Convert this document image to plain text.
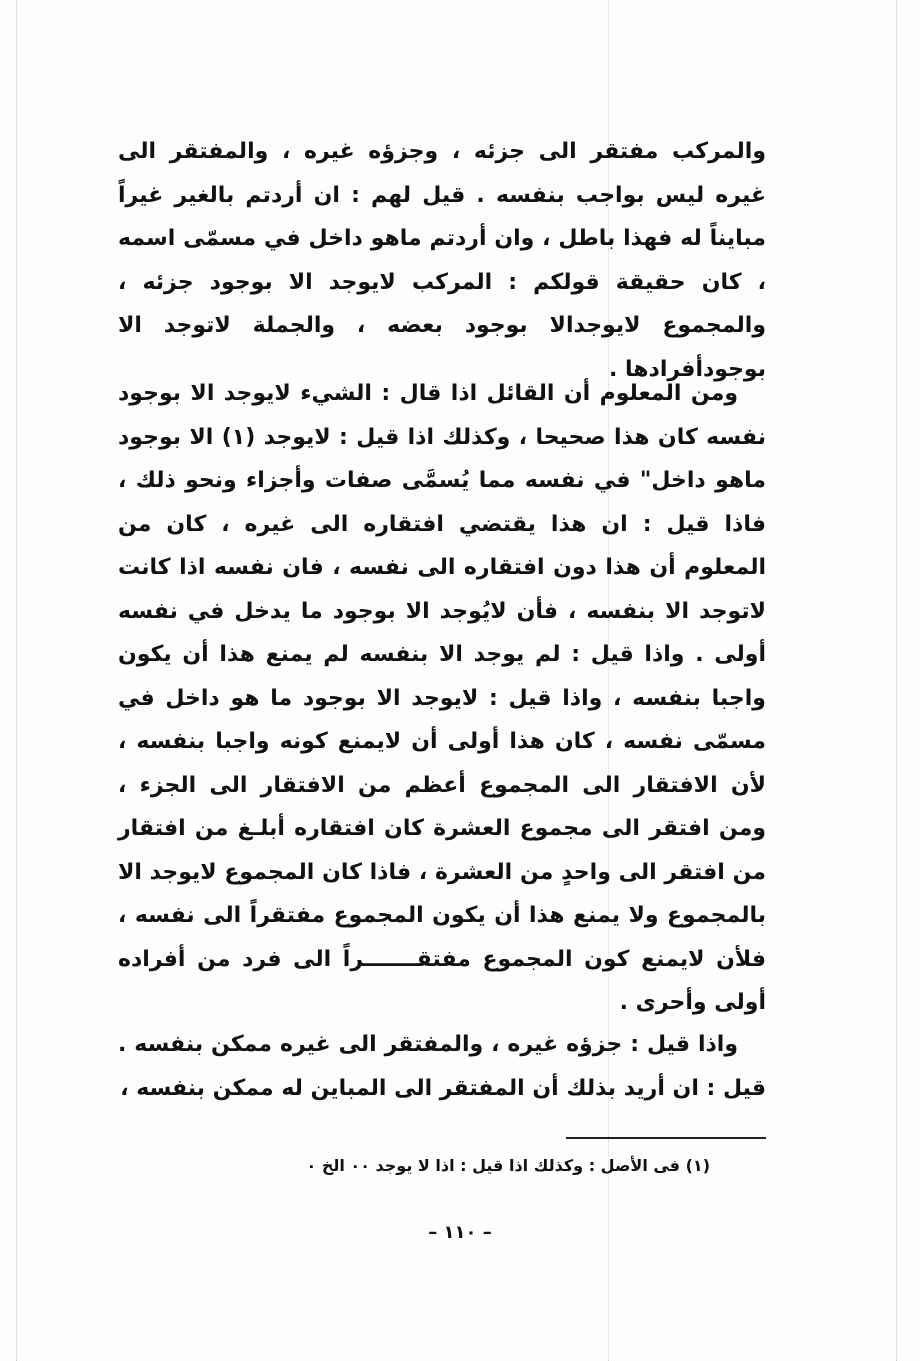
والمركب مفتقر الى جزئه ، وجزؤه غيره ، والمفتقر الى غيره ليس بواجب بنفسه . قيل لهم : ان أردتم بالغير غيراً مبايناً له فهذا باطل ، وان أردتم ماهو داخل في مسمّى اسمه ، كان حقيقة قولكم : المركب لايوجد الا بوجود جزئه ، والمجموع لايوجدالا بوجود بعضه ، والجملة لاتوجد الا بوجودأفرادها .

ومن المعلوم أن القائل اذا قال : الشيء لايوجد الا بوجود نفسه كان هذا صحيحا ، وكذلك اذا قيل : لايوجد (١) الا بوجود ماهو داخل" في نفسه مما يُسمَّى صفات وأجزاء ونحو ذلك ، فاذا قيل : ان هذا يقتضي افتقاره الى غيره ، كان من المعلوم أن هذا دون افتقاره الى نفسه ، فان نفسه اذا كانت لاتوجد الا بنفسه ، فأن لايُوجد الا بوجود ما يدخل في نفسه أولى . واذا قيل : لم يوجد الا بنفسه لم يمنع هذا أن يكون واجبا بنفسه ، واذا قيل : لايوجد الا بوجود ما هو داخل في مسمّى نفسه ، كان هذا أولى أن لايمنع كونه واجبا بنفسه ، لأن الافتقار الى المجموع أعظم من الافتقار الى الجزء ، ومن افتقر الى مجموع العشرة كان افتقاره أبلـغ من افتقار من افتقر الى واحدٍ من العشرة ، فاذا كان المجموع لايوجد الا بالمجموع ولا يمنع هذا أن يكون المجموع مفتقراً الى نفسه ، فلأن لايمنع كون المجموع مفتقـــــــراً الى فرد من أفراده أولى وأحرى .

واذا قيل : جزؤه غيره ، والمفتقر الى غيره ممكن بنفسه . قيل : ان أريد بذلك أن المفتقر الى المباين له ممكن بنفسه ،

(١) فى الأصل : وكذلك اذا قيل : اذا لا يوجد ٠٠ الخ ٠
– ١١٠ –
